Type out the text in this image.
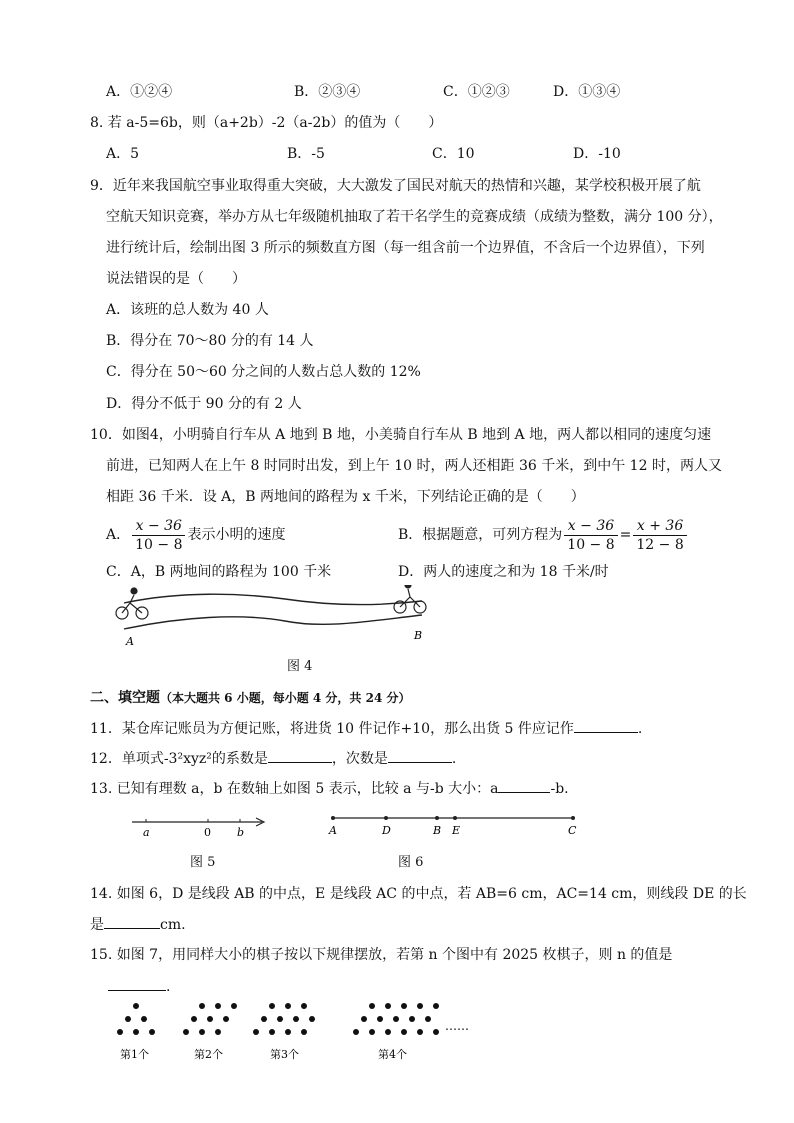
A．①②④	B．②③④	C．①②③	D．①③④
8. 若 a-5=6b，则（a+2b）-2（a-2b）的值为（　　）
A．5	B．-5	C．10	D．-10
9．近年来我国航空事业取得重大突破，大大激发了国民对航天的热情和兴趣，某学校积极开展了航
空航天知识竞赛，举办方从七年级随机抽取了若干名学生的竞赛成绩（成绩为整数，满分 100 分），
进行统计后，绘制出图 3 所示的频数直方图（每一组含前一个边界值，不含后一个边界值），下列
说法错误的是（　　）
A．该班的总人数为 40 人
B．得分在 70～80 分的有 14 人
C．得分在 50～60 分之间的人数占总人数的 12%
D．得分不低于 90 分的有 2 人
10．如图4，小明骑自行车从 A 地到 B 地，小美骑自行车从 B 地到 A 地，两人都以相同的速度匀速
前进，已知两人在上午 8 时同时出发，到上午 10 时，两人还相距 36 千米，到中午 12 时，两人又
相距 36 千米．设 A，B 两地间的路程为 x 千米，下列结论正确的是（　　）
A． $\frac{x - 36}{10 - 8}$ 表示小明的速度	B．根据题意，可列方程为 $\frac{x - 36}{10 - 8} = \frac{x + 36}{12 - 8}$
C．A，B 两地间的路程为 100 千米	D．两人的速度之和为 18 千米/时
A	B
图 4
二、填空题（本大题共 6 小题，每小题 4 分，共 24 分）
11．某仓库记账员为方便记账，将进货 10 件记作+10，那么出货 5 件应记作	.
12．单项式-3²xyz²的系数是	，次数是	.
13. 已知有理数 a，b 在数轴上如图 5 表示，比较 a 与-b 大小：a	-b.
a	0 b
图 5
A	D	B E	C
图 6
14. 如图 6，D 是线段 AB 的中点，E 是线段 AC 的中点，若 AB=6 cm，AC=14 cm，则线段 DE 的长
是	cm.
15. 如图 7，用同样大小的棋子按以下规律摆放，若第 n 个图中有 2025 枚棋子，则 n 的值是
.
……
第1个	第2个	第3个	第4个
